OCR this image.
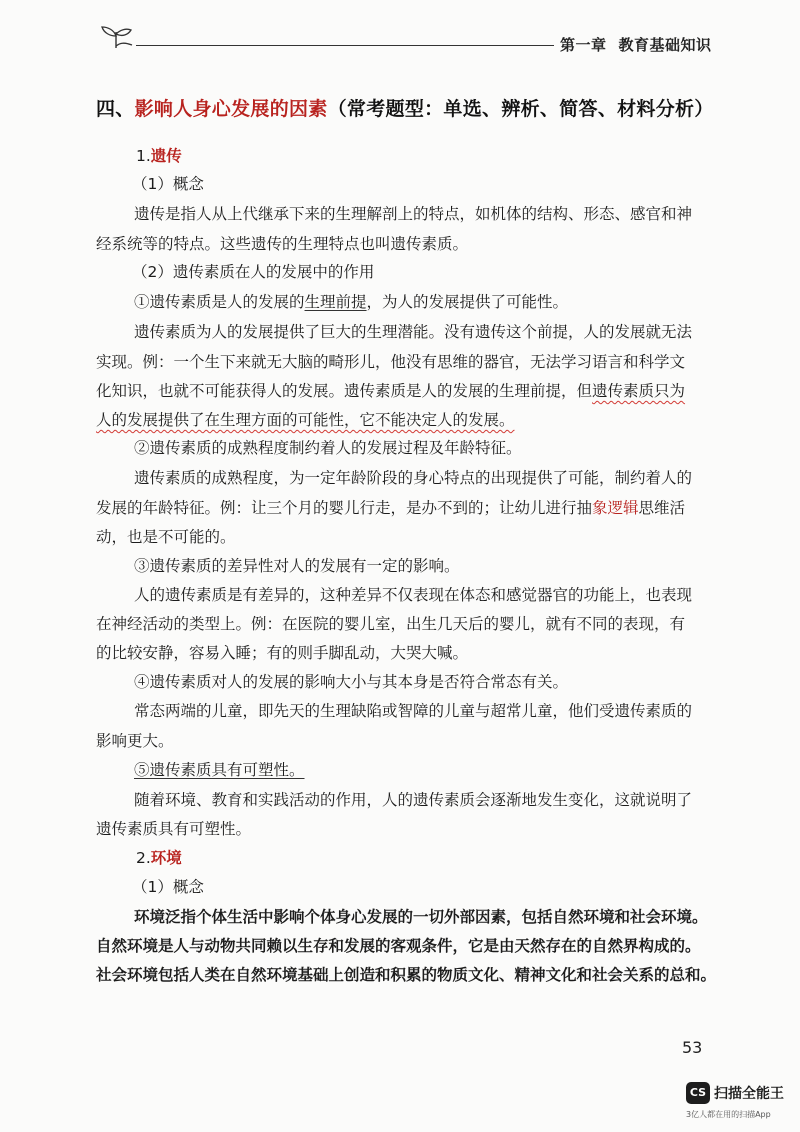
第一章 教育基础知识
四、影响人身心发展的因素（常考题型：单选、辨析、简答、材料分析）
1.遗传
（1）概念
遗传是指人从上代继承下来的生理解剖上的特点，如机体的结构、形态、感官和神
经系统等的特点。这些遗传的生理特点也叫遗传素质。
（2）遗传素质在人的发展中的作用
①遗传素质是人的发展的生理前提，为人的发展提供了可能性。
遗传素质为人的发展提供了巨大的生理潜能。没有遗传这个前提，人的发展就无法
实现。例：一个生下来就无大脑的畸形儿，他没有思维的器官，无法学习语言和科学文
化知识，也就不可能获得人的发展。遗传素质是人的发展的生理前提，但遗传素质只为
人的发展提供了在生理方面的可能性，它不能决定人的发展。
②遗传素质的成熟程度制约着人的发展过程及年龄特征。
遗传素质的成熟程度，为一定年龄阶段的身心特点的出现提供了可能，制约着人的
发展的年龄特征。例：让三个月的婴儿行走，是办不到的；让幼儿进行抽象逻辑思维活
动，也是不可能的。
③遗传素质的差异性对人的发展有一定的影响。
人的遗传素质是有差异的，这种差异不仅表现在体态和感觉器官的功能上，也表现
在神经活动的类型上。例：在医院的婴儿室，出生几天后的婴儿，就有不同的表现，有
的比较安静，容易入睡；有的则手脚乱动，大哭大喊。
④遗传素质对人的发展的影响大小与其本身是否符合常态有关。
常态两端的儿童，即先天的生理缺陷或智障的儿童与超常儿童，他们受遗传素质的
影响更大。
⑤遗传素质具有可塑性。
随着环境、教育和实践活动的作用，人的遗传素质会逐渐地发生变化，这就说明了
遗传素质具有可塑性。
2.环境
（1）概念
环境泛指个体生活中影响个体身心发展的一切外部因素，包括自然环境和社会环境。
自然环境是人与动物共同赖以生存和发展的客观条件，它是由天然存在的自然界构成的。
社会环境包括人类在自然环境基础上创造和积累的物质文化、精神文化和社会关系的总和。
53
CS 扫描全能王
3亿人都在用的扫描App
